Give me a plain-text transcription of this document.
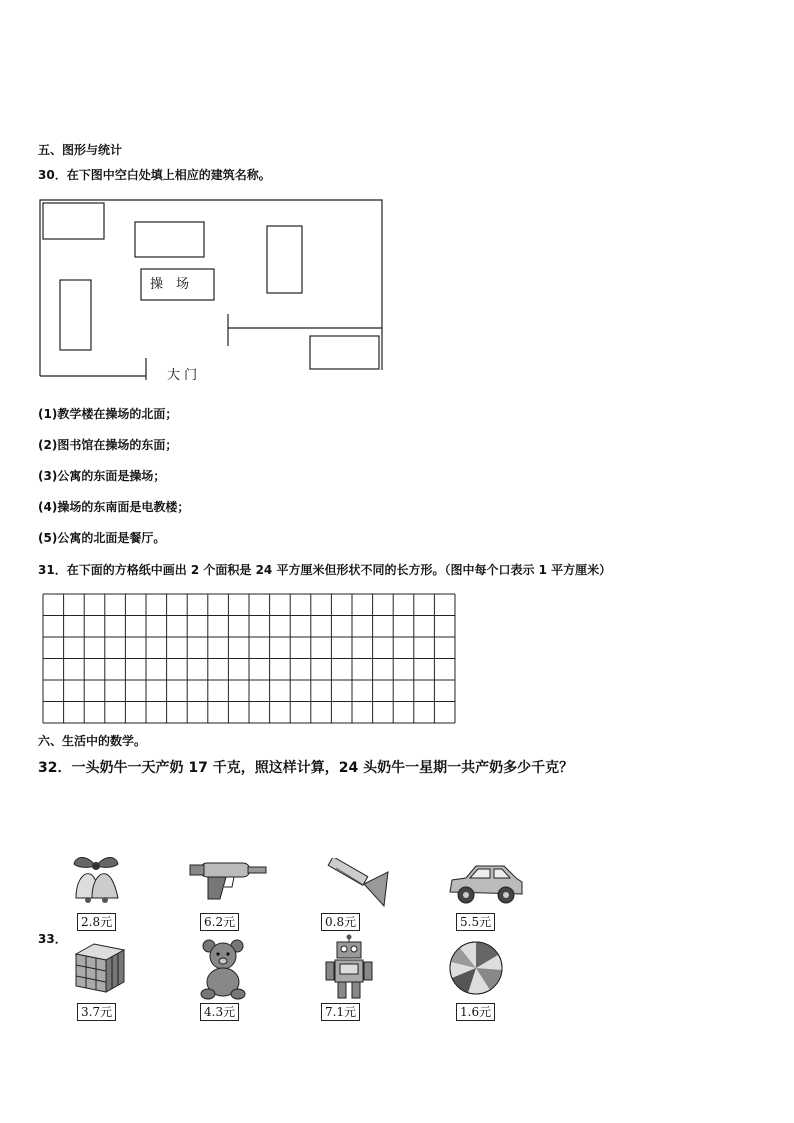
五、图形与统计
30．在下图中空白处填上相应的建筑名称。
操　场
大 门
(1)教学楼在操场的北面；
(2)图书馆在操场的东面；
(3)公寓的东面是操场；
(4)操场的东南面是电教楼；
(5)公寓的北面是餐厅。
31．在下面的方格纸中画出 2 个面积是 24 平方厘米但形状不同的长方形。（图中每个口表示 1 平方厘米）
六、生活中的数学。
32．一头奶牛一天产奶 17 千克，照这样计算，24 头奶牛一星期一共产奶多少千克？
33．
2.8元	6.2元	0.8元	5.5元
3.7元	4.3元	7.1元	1.6元
